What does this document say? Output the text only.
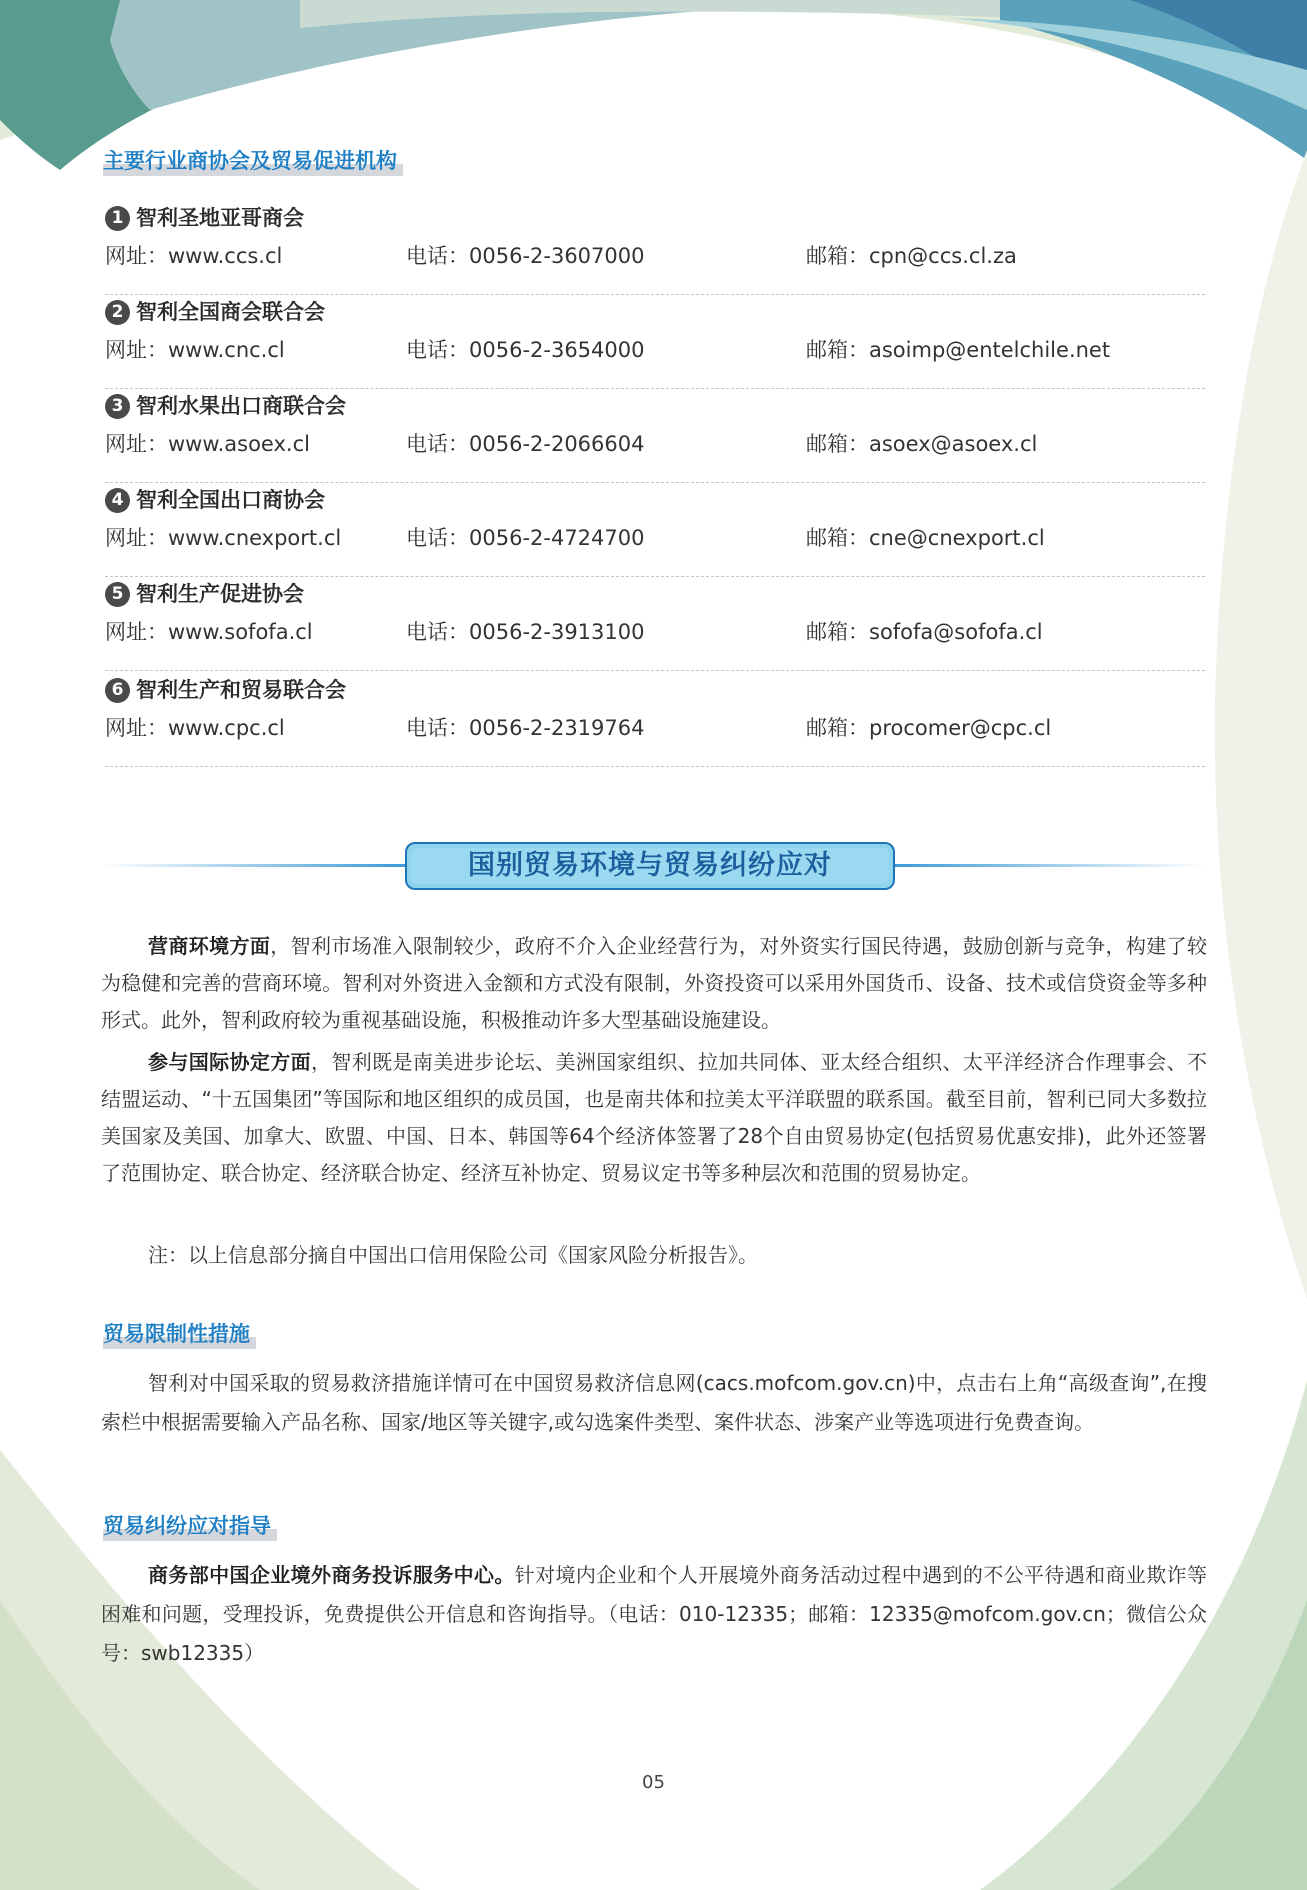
主要行业商协会及贸易促进机构
1 智利圣地亚哥商会
网址：www.ccs.cl	电话：0056-2-3607000	邮箱：cpn@ccs.cl.za
2 智利全国商会联合会
网址：www.cnc.cl	电话：0056-2-3654000	邮箱：asoimp@entelchile.net
3 智利水果出口商联合会
网址：www.asoex.cl	电话：0056-2-2066604	邮箱：asoex@asoex.cl
4 智利全国出口商协会
网址：www.cnexport.cl	电话：0056-2-4724700	邮箱：cne@cnexport.cl
5 智利生产促进协会
网址：www.sofofa.cl	电话：0056-2-3913100	邮箱：sofofa@sofofa.cl
6 智利生产和贸易联合会
网址：www.cpc.cl	电话：0056-2-2319764	邮箱：procomer@cpc.cl
国别贸易环境与贸易纠纷应对
营商环境方面，智利市场准入限制较少，政府不介入企业经营行为，对外资实行国民待遇，鼓励创新与竞争，构建了较为稳健和完善的营商环境。智利对外资进入金额和方式没有限制，外资投资可以采用外国货币、设备、技术或信贷资金等多种形式。此外，智利政府较为重视基础设施，积极推动许多大型基础设施建设。
参与国际协定方面，智利既是南美进步论坛、美洲国家组织、拉加共同体、亚太经合组织、太平洋经济合作理事会、不结盟运动、“十五国集团”等国际和地区组织的成员国，也是南共体和拉美太平洋联盟的联系国。截至目前，智利已同大多数拉美国家及美国、加拿大、欧盟、中国、日本、韩国等64个经济体签署了28个自由贸易协定(包括贸易优惠安排)，此外还签署了范围协定、联合协定、经济联合协定、经济互补协定、贸易议定书等多种层次和范围的贸易协定。
注：以上信息部分摘自中国出口信用保险公司《国家风险分析报告》。
贸易限制性措施
智利对中国采取的贸易救济措施详情可在中国贸易救济信息网(cacs.mofcom.gov.cn)中，点击右上角“高级查询”,在搜索栏中根据需要输入产品名称、国家/地区等关键字,或勾选案件类型、案件状态、涉案产业等选项进行免费查询。
贸易纠纷应对指导
商务部中国企业境外商务投诉服务中心。针对境内企业和个人开展境外商务活动过程中遇到的不公平待遇和商业欺诈等困难和问题，受理投诉，免费提供公开信息和咨询指导。（电话：010-12335；邮箱：12335@mofcom.gov.cn；微信公众号：swb12335）
05
